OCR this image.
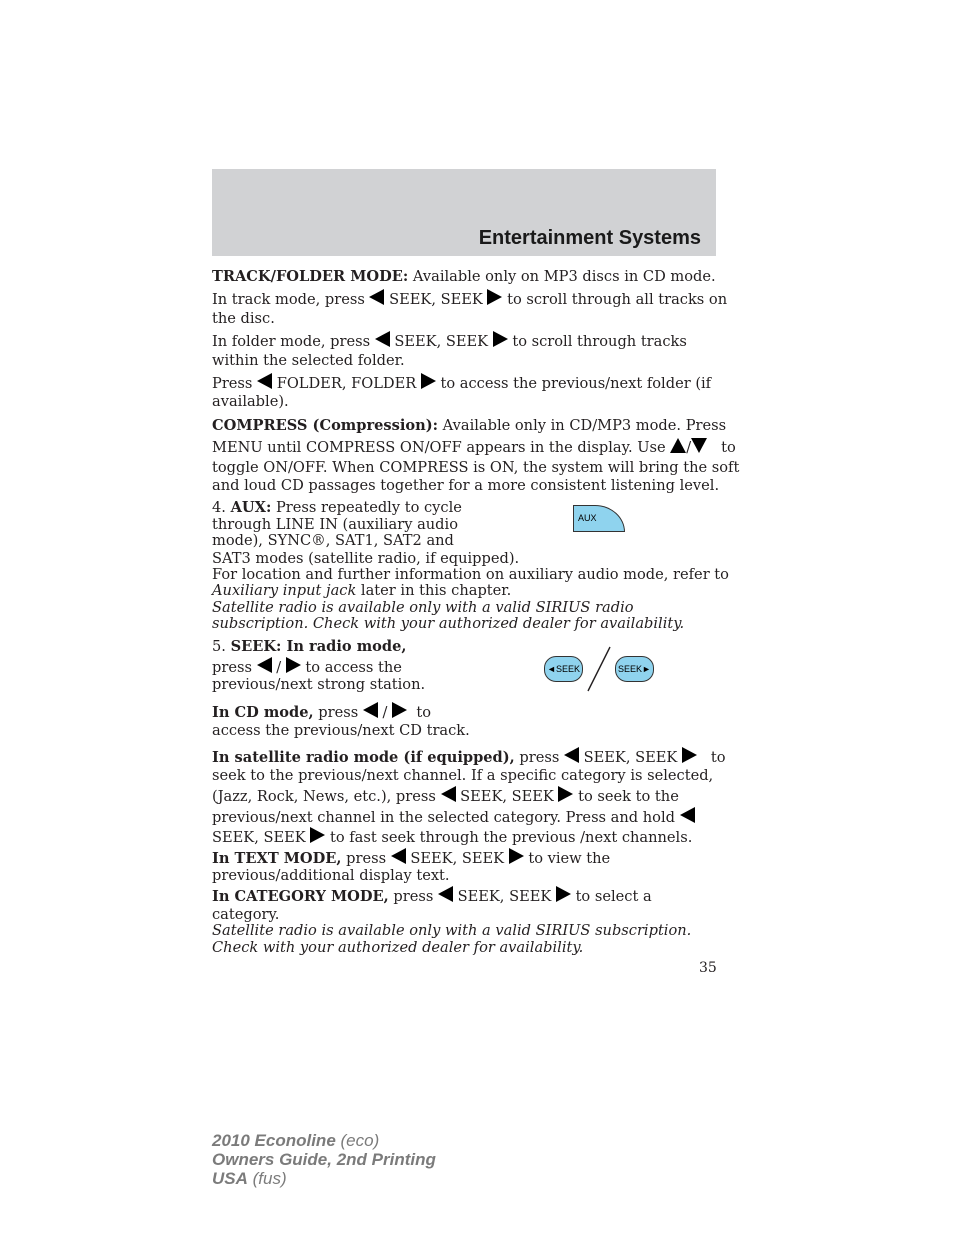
Entertainment Systems
TRACK/FOLDER MODE: Available only on MP3 discs in CD mode.
In track mode, press  SEEK, SEEK  to scroll through all tracks on
the disc.
In folder mode, press  SEEK, SEEK  to scroll through tracks
within the selected folder.
Press  FOLDER, FOLDER  to access the previous/next folder (if
available).
COMPRESS (Compression): Available only in CD/MP3 mode. Press
MENU until COMPRESS ON/OFF appears in the display. Use / to
toggle ON/OFF. When COMPRESS is ON, the system will bring the soft
and loud CD passages together for a more consistent listening level.
4. AUX: Press repeatedly to cycle
through LINE IN (auxiliary audio
mode), SYNC®, SAT1, SAT2 and
SAT3 modes (satellite radio, if equipped).
For location and further information on auxiliary audio mode, refer to
Auxiliary input jack later in this chapter.
Satellite radio is available only with a valid SIRIUS radio
subscription. Check with your authorized dealer for availability.
AUX
5. SEEK: In radio mode,
press  /  to access the
previous/next strong station.
◄SEEK	SEEK►
In CD mode, press  /   to
access the previous/next CD track.
In satellite radio mode (if equipped), press  SEEK, SEEK    to
seek to the previous/next channel. If a specific category is selected,
(Jazz, Rock, News, etc.), press  SEEK, SEEK  to seek to the
previous/next channel in the selected category. Press and hold
SEEK, SEEK  to fast seek through the previous /next channels.
In TEXT MODE, press  SEEK, SEEK  to view the
previous/additional display text.
In CATEGORY MODE, press  SEEK, SEEK  to select a
category.
Satellite radio is available only with a valid SIRIUS subscription.
Check with your authorized dealer for availability.
35
2010 Econoline (eco)
Owners Guide, 2nd Printing
USA (fus)
